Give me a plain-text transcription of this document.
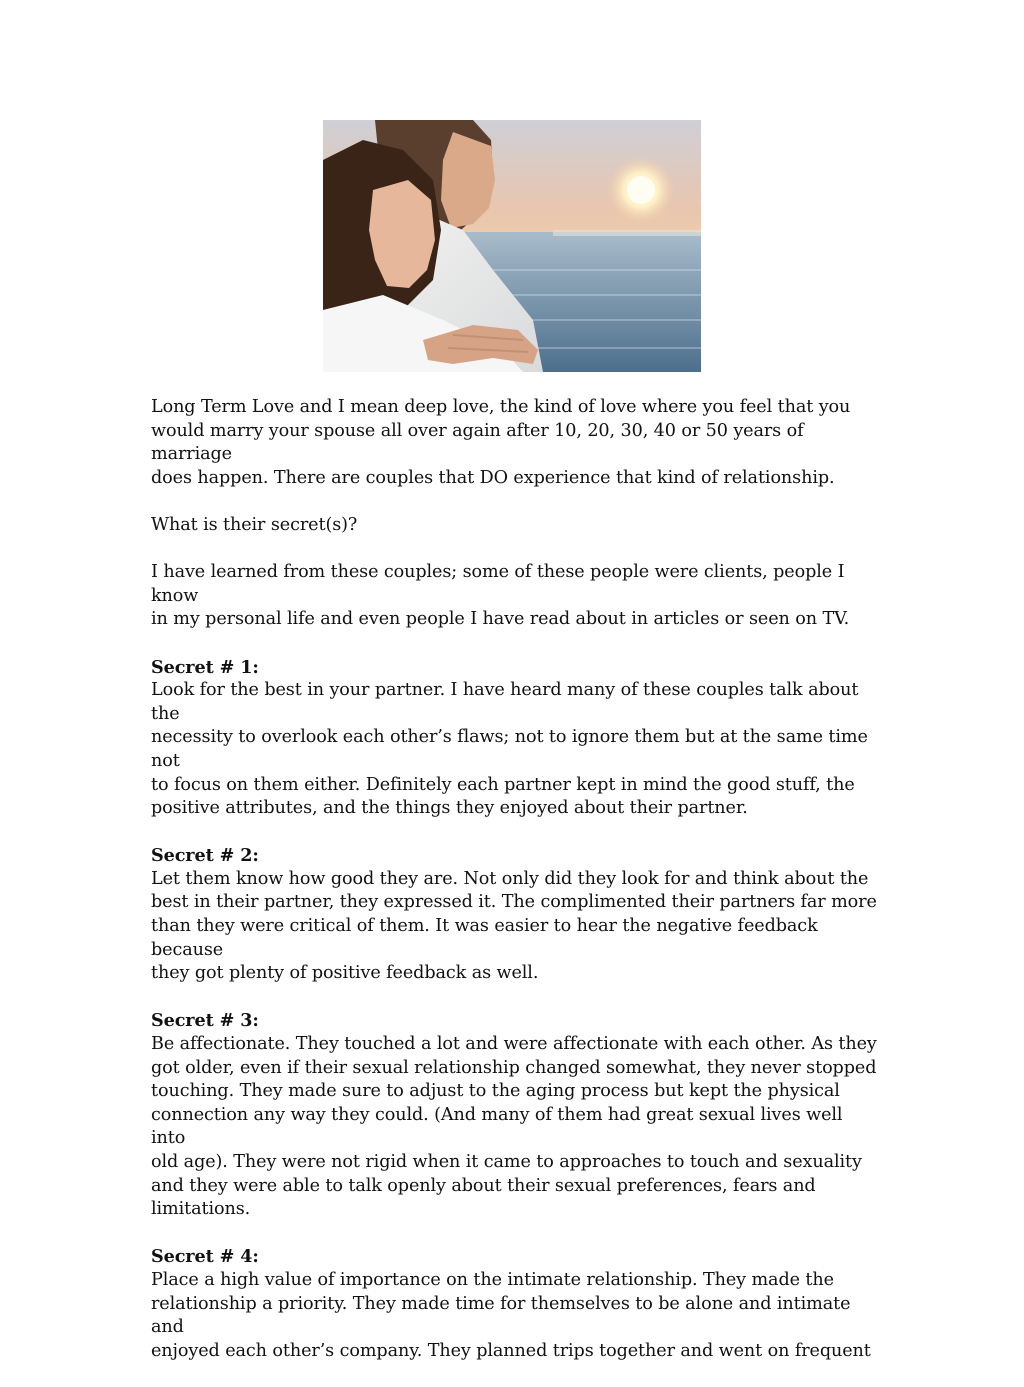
Long Term Love and I mean deep love, the kind of love where you feel that you
would marry your spouse all over again after 10, 20, 30, 40 or 50 years of marriage
does happen. There are couples that DO experience that kind of relationship.

What is their secret(s)?

I have learned from these couples; some of these people were clients, people I know
in my personal life and even people I have read about in articles or seen on TV.

Secret # 1:
Look for the best in your partner. I have heard many of these couples talk about the
necessity to overlook each other’s flaws; not to ignore them but at the same time not
to focus on them either. Definitely each partner kept in mind the good stuff, the
positive attributes, and the things they enjoyed about their partner.
Secret # 2:
Let them know how good they are. Not only did they look for and think about the
best in their partner, they expressed it. The complimented their partners far more
than they were critical of them. It was easier to hear the negative feedback because
they got plenty of positive feedback as well.
Secret # 3:
Be affectionate. They touched a lot and were affectionate with each other. As they
got older, even if their sexual relationship changed somewhat, they never stopped
touching. They made sure to adjust to the aging process but kept the physical
connection any way they could. (And many of them had great sexual lives well into
old age). They were not rigid when it came to approaches to touch and sexuality
and they were able to talk openly about their sexual preferences, fears and
limitations.
Secret # 4:
Place a high value of importance on the intimate relationship. They made the
relationship a priority. They made time for themselves to be alone and intimate and
enjoyed each other’s company. They planned trips together and went on frequent
